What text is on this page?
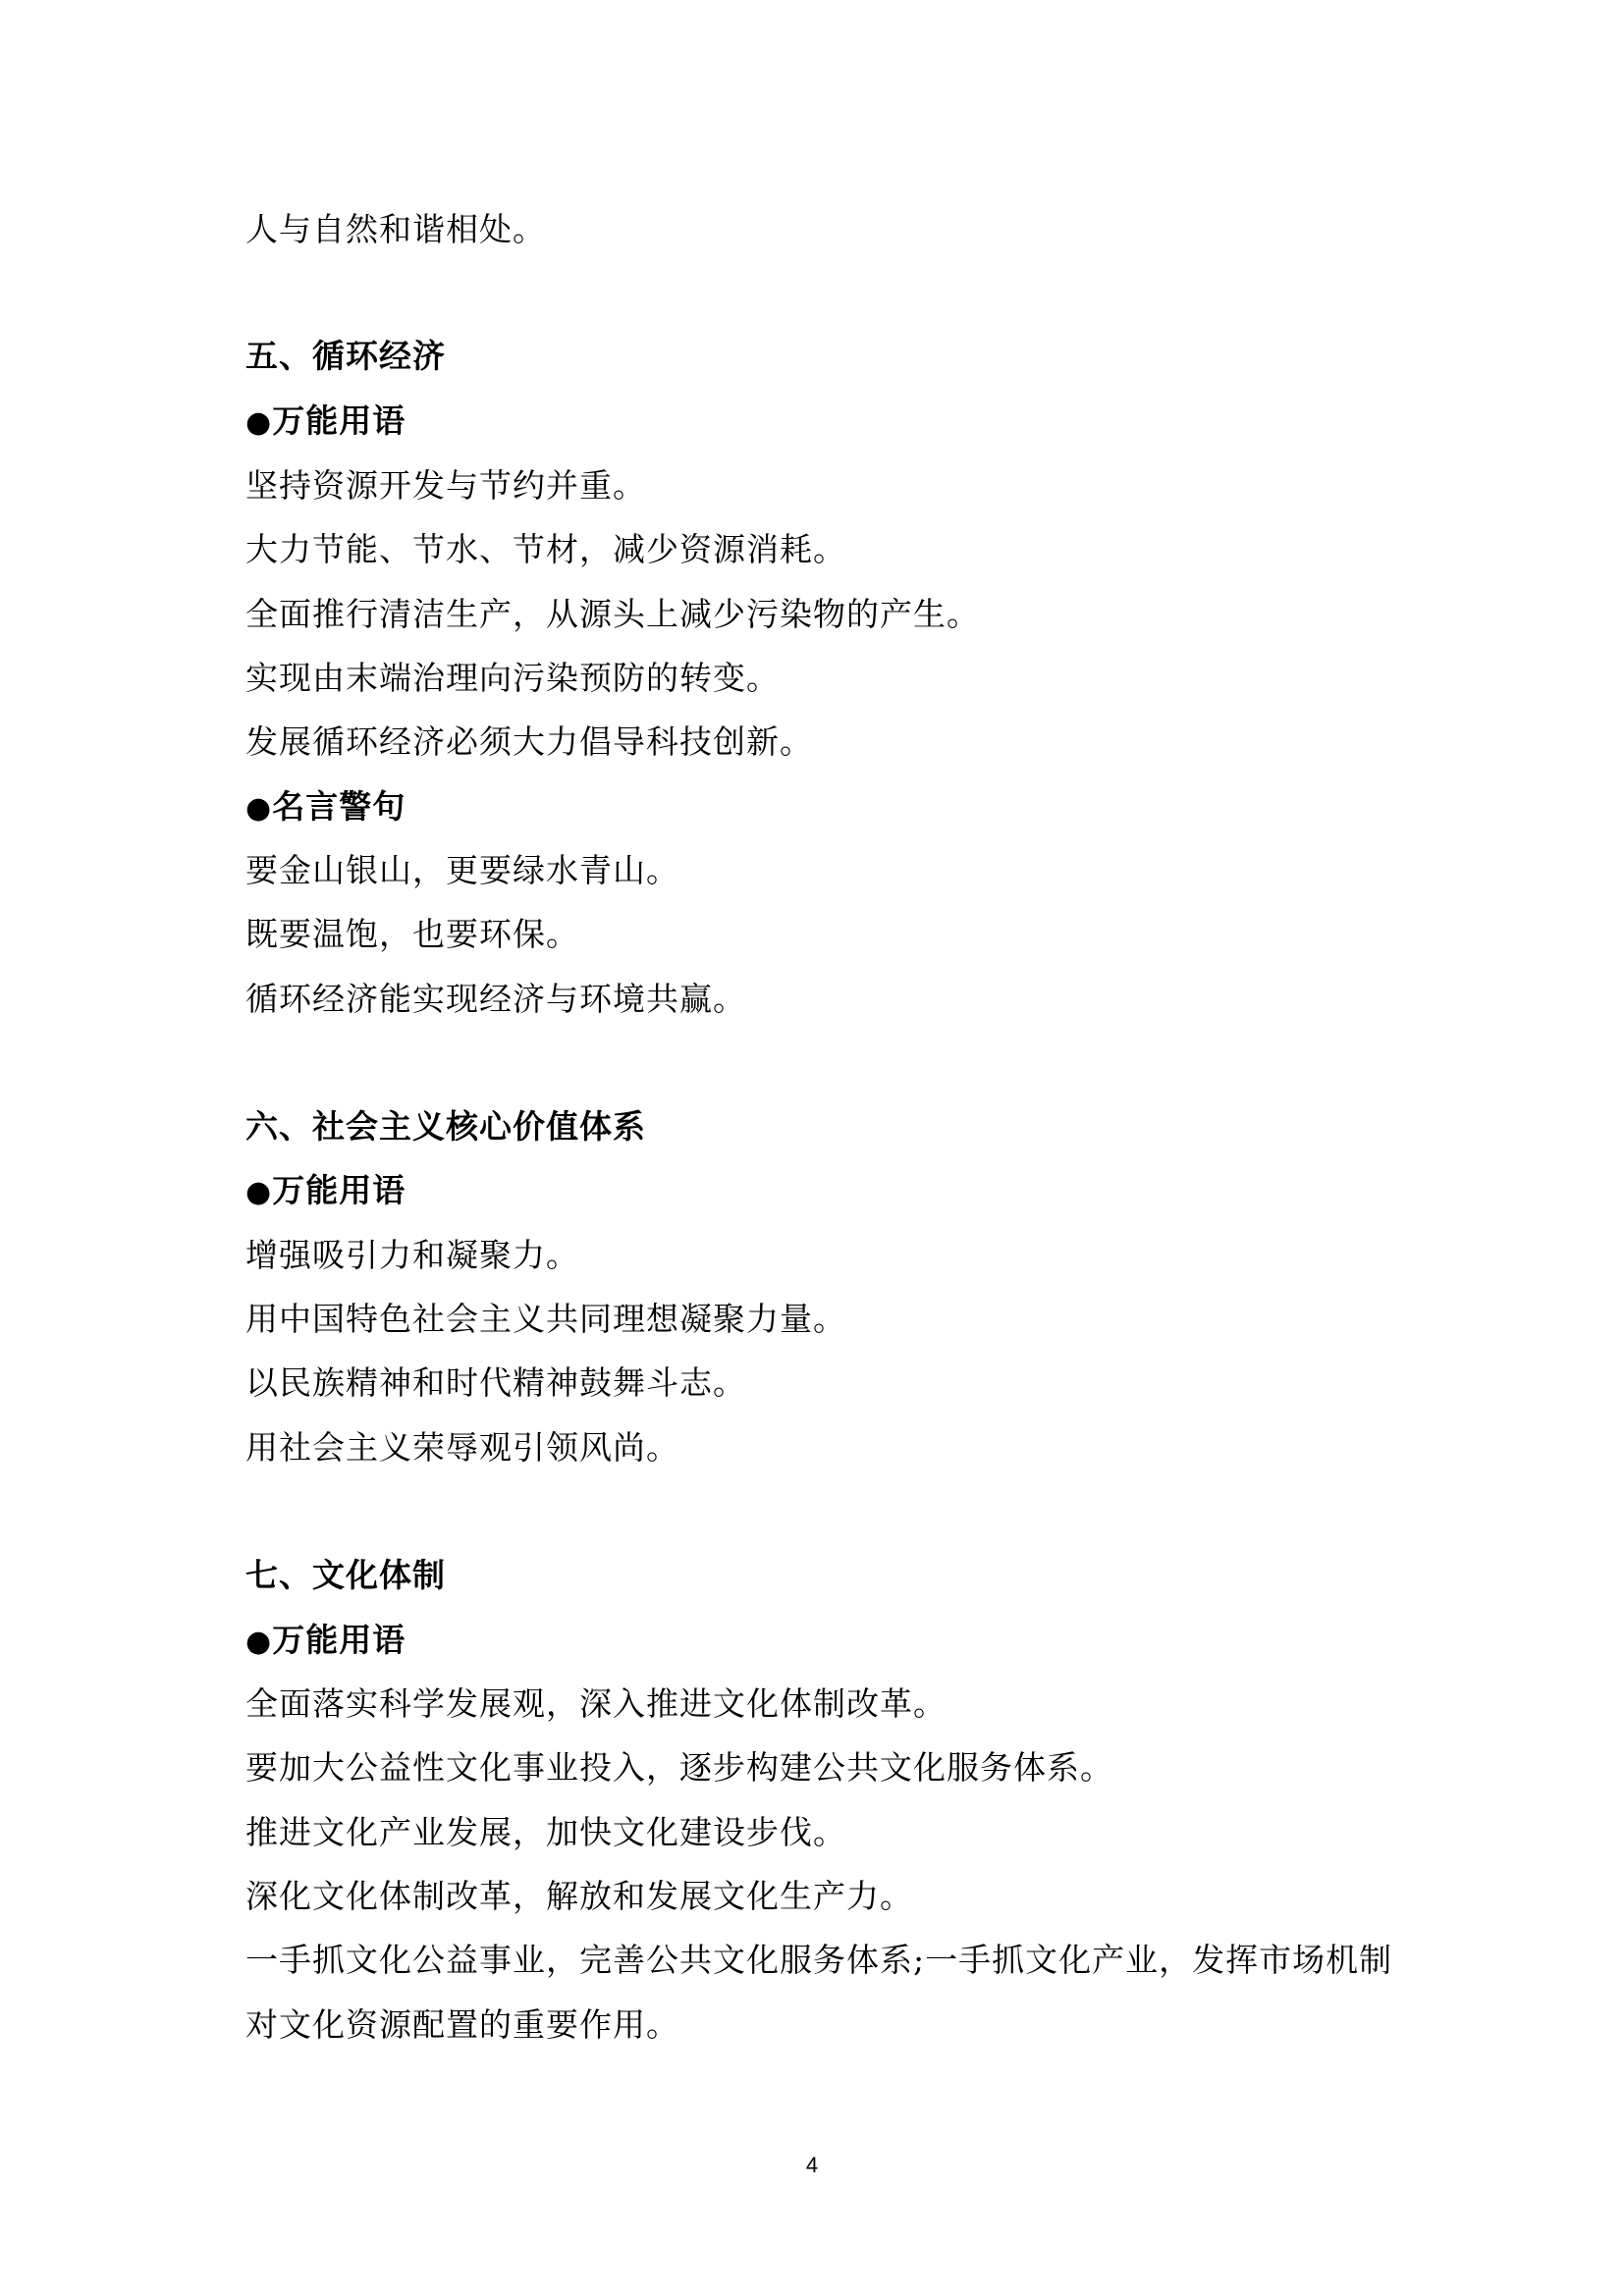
人与自然和谐相处。
五、循环经济
●万能用语
坚持资源开发与节约并重。
大力节能、节水、节材，减少资源消耗。
全面推行清洁生产，从源头上减少污染物的产生。
实现由末端治理向污染预防的转变。
发展循环经济必须大力倡导科技创新。
●名言警句
要金山银山，更要绿水青山。
既要温饱，也要环保。
循环经济能实现经济与环境共赢。
六、社会主义核心价值体系
●万能用语
增强吸引力和凝聚力。
用中国特色社会主义共同理想凝聚力量。
以民族精神和时代精神鼓舞斗志。
用社会主义荣辱观引领风尚。
七、文化体制
●万能用语
全面落实科学发展观，深入推进文化体制改革。
要加大公益性文化事业投入，逐步构建公共文化服务体系。
推进文化产业发展，加快文化建设步伐。
深化文化体制改革，解放和发展文化生产力。
一手抓文化公益事业，完善公共文化服务体系;一手抓文化产业，发挥市场机制
对文化资源配置的重要作用。
4
